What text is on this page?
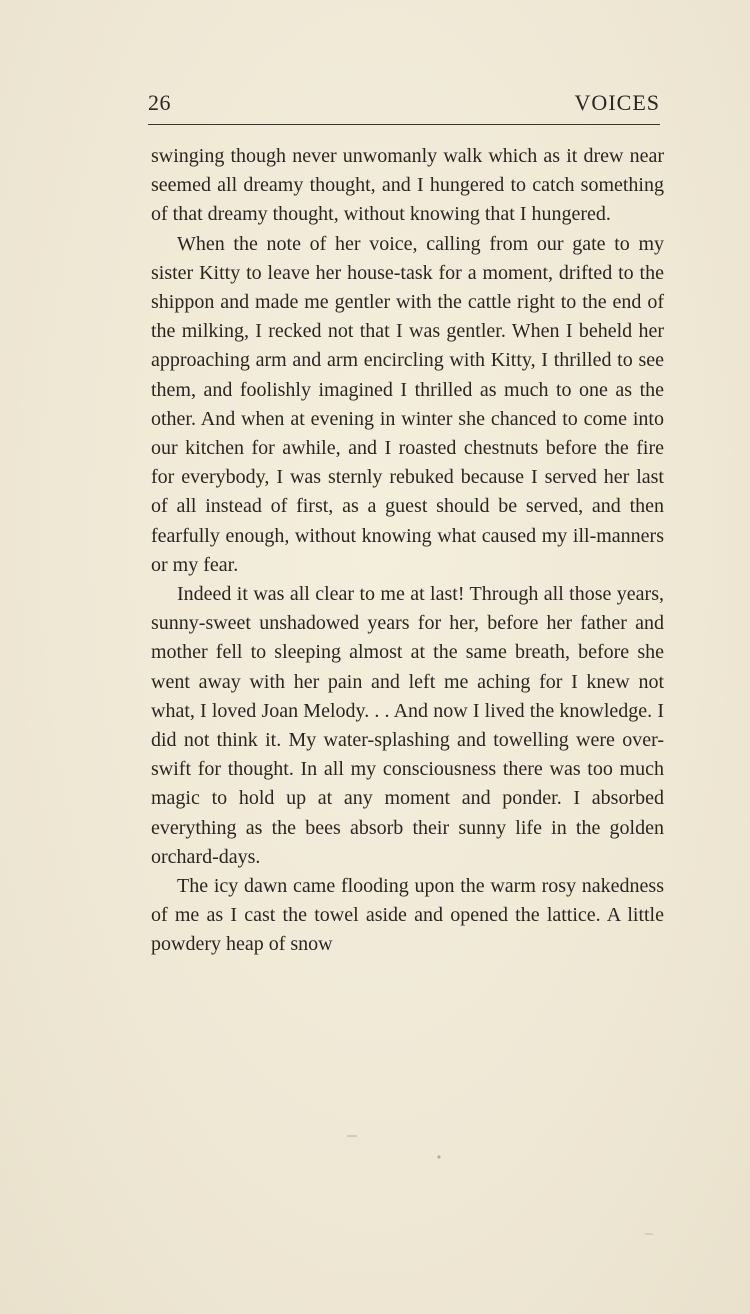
26	VOICES

swinging though never unwomanly walk which as it drew near seemed all dreamy thought, and I hungered to catch something of that dreamy thought, without knowing that I hungered.

When the note of her voice, calling from our gate to my sister Kitty to leave her house-task for a moment, drifted to the shippon and made me gentler with the cattle right to the end of the milking, I recked not that I was gentler. When I beheld her approaching arm and arm encircling with Kitty, I thrilled to see them, and foolishly imagined I thrilled as much to one as the other. And when at evening in winter she chanced to come into our kitchen for awhile, and I roasted chestnuts before the fire for everybody, I was sternly rebuked because I served her last of all instead of first, as a guest should be served, and then fearfully enough, without knowing what caused my ill-manners or my fear.

Indeed it was all clear to me at last! Through all those years, sunny-sweet unshadowed years for her, before her father and mother fell to sleeping almost at the same breath, before she went away with her pain and left me aching for I knew not what, I loved Joan Melody. . . And now I lived the knowledge. I did not think it. My water-splashing and towelling were over-swift for thought. In all my consciousness there was too much magic to hold up at any moment and ponder. I absorbed everything as the bees absorb their sunny life in the golden orchard-days.

The icy dawn came flooding upon the warm rosy nakedness of me as I cast the towel aside and opened the lattice. A little powdery heap of snow
